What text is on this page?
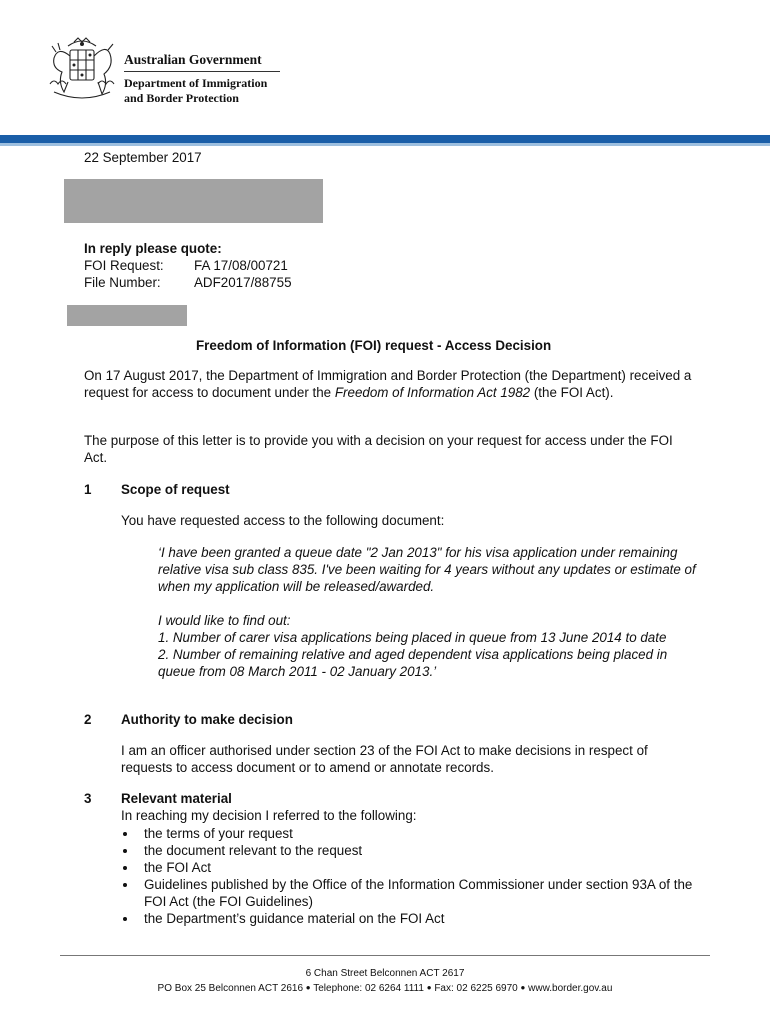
Australian Government
Department of Immigration
and Border Protection
22 September 2017
In reply please quote:
FOI Request: FA 17/08/00721
File Number: ADF2017/88755
Freedom of Information (FOI) request - Access Decision
On 17 August 2017, the Department of Immigration and Border Protection (the Department) received a request for access to document under the Freedom of Information Act 1982 (the FOI Act).
The purpose of this letter is to provide you with a decision on your request for access under the FOI Act.
1 Scope of request
You have requested access to the following document:
‘I have been granted a queue date "2 Jan 2013" for his visa application under remaining relative visa sub class 835. I've been waiting for 4 years without any updates or estimate of when my application will be released/awarded.
I would like to find out:
1. Number of carer visa applications being placed in queue from 13 June 2014 to date
2. Number of remaining relative and aged dependent visa applications being placed in queue from 08 March 2011 - 02 January 2013.’
2 Authority to make decision
I am an officer authorised under section 23 of the FOI Act to make decisions in respect of requests to access document or to amend or annotate records.
3 Relevant material
In reaching my decision I referred to the following:
the terms of your request
the document relevant to the request
the FOI Act
Guidelines published by the Office of the Information Commissioner under section 93A of the FOI Act (the FOI Guidelines)
the Department’s guidance material on the FOI Act
6 Chan Street Belconnen ACT 2617
PO Box 25 Belconnen ACT 2616 ● Telephone: 02 6264 1111 ● Fax: 02 6225 6970 ● www.border.gov.au
